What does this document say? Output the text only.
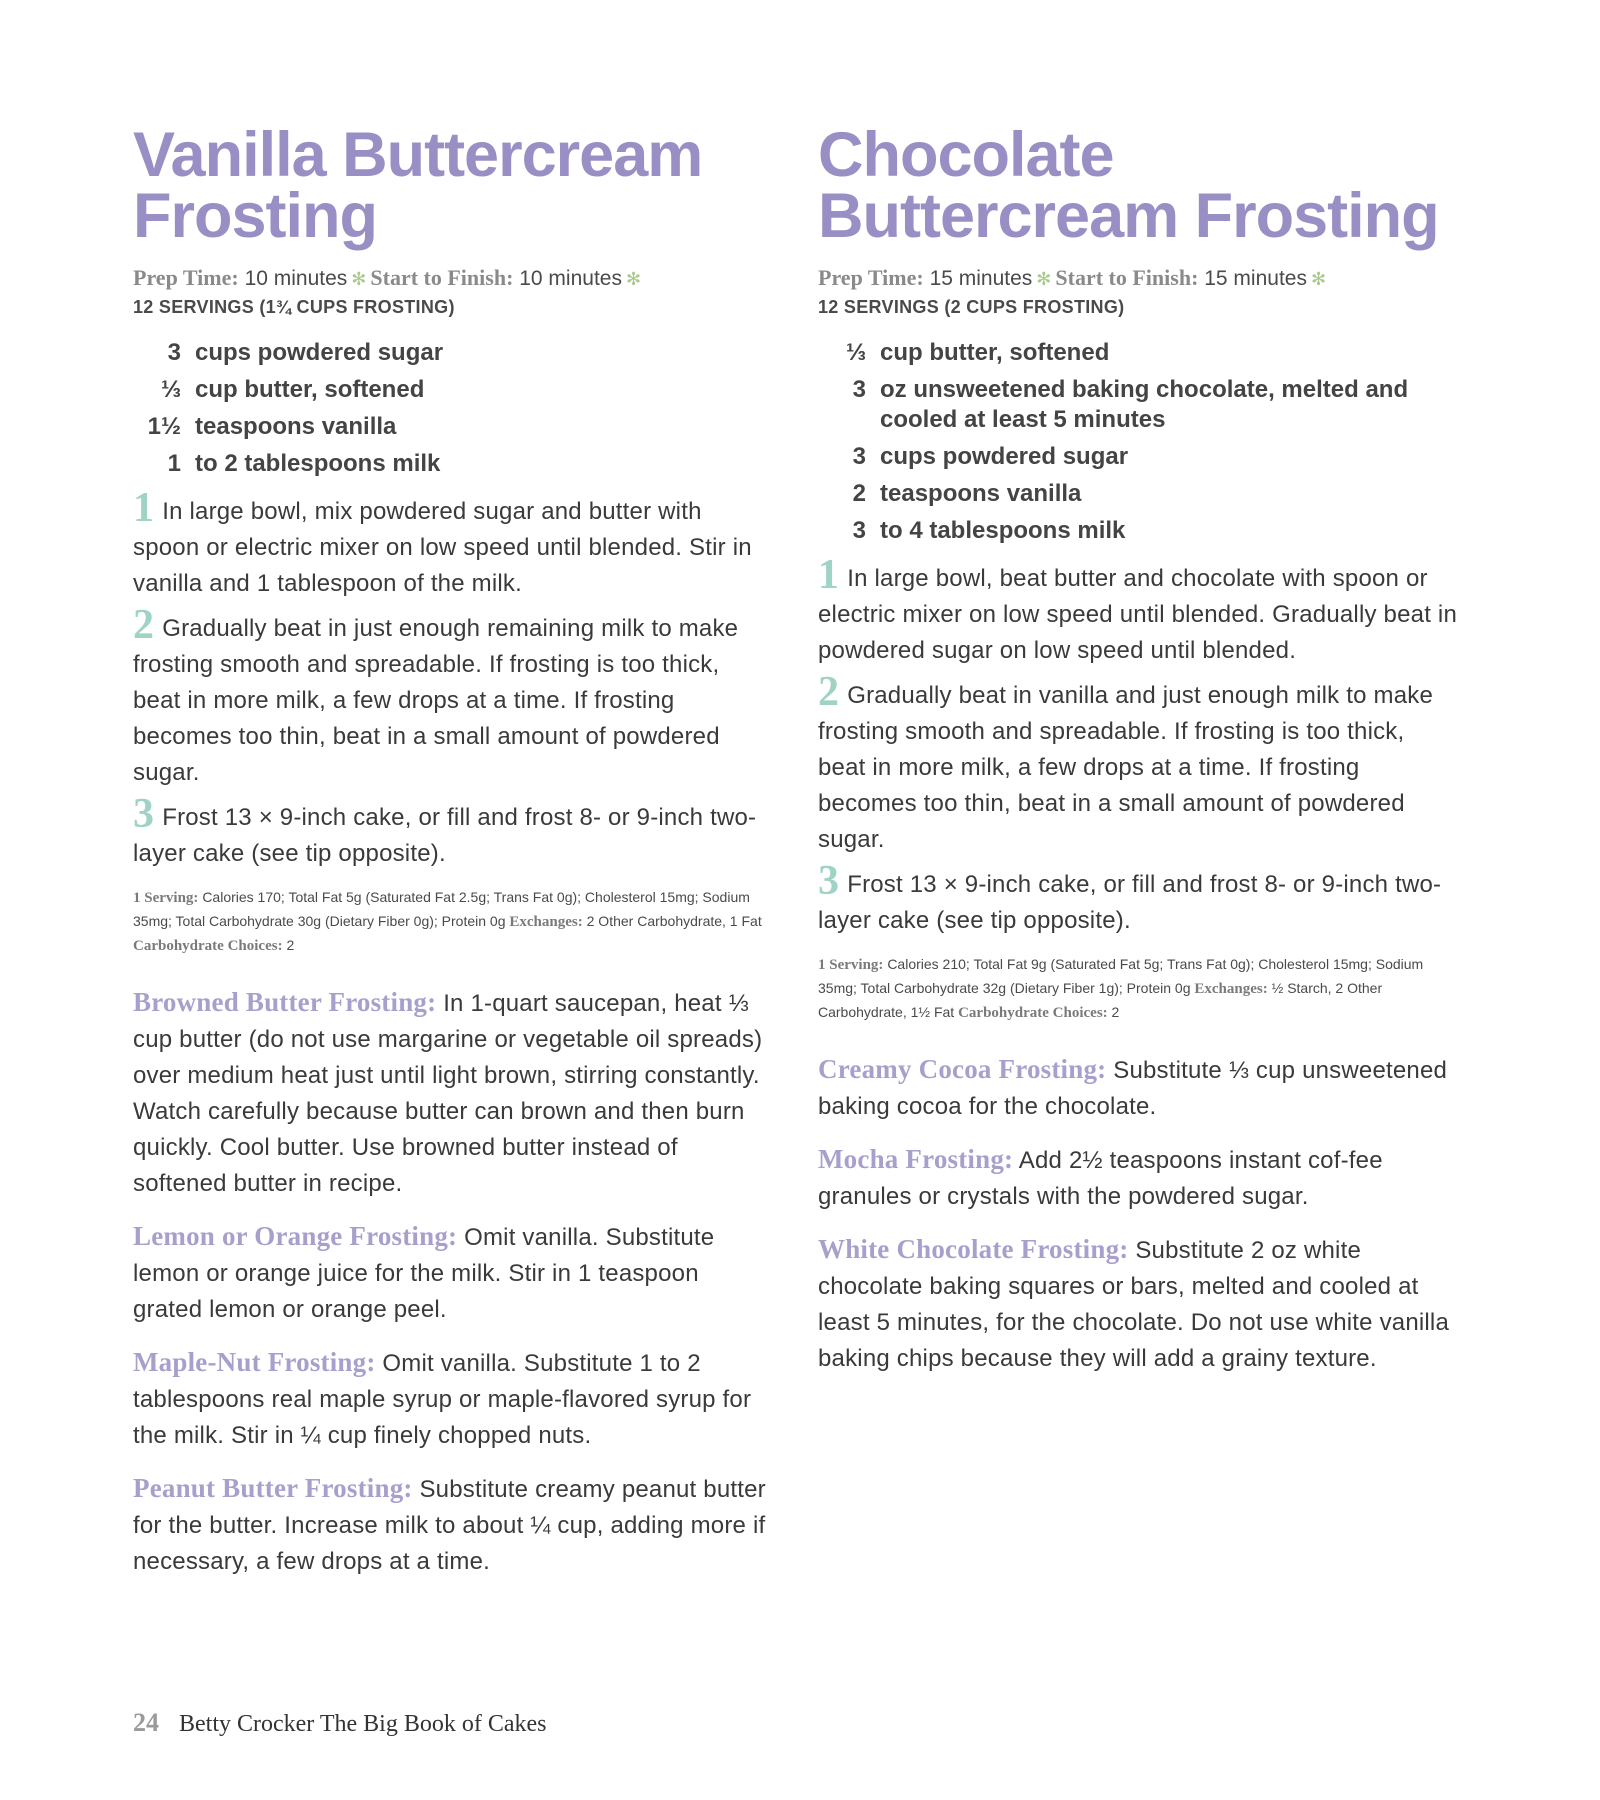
Vanilla Buttercream Frosting
Prep Time: 10 minutes ✻ Start to Finish: 10 minutes ✻
12 SERVINGS (1¾ CUPS FROSTING)
3 cups powdered sugar
⅓ cup butter, softened
1½ teaspoons vanilla
1 to 2 tablespoons milk

1 In large bowl, mix powdered sugar and butter with spoon or electric mixer on low speed until blended. Stir in vanilla and 1 tablespoon of the milk.

2 Gradually beat in just enough remaining milk to make frosting smooth and spreadable. If frosting is too thick, beat in more milk, a few drops at a time. If frosting becomes too thin, beat in a small amount of powdered sugar.

3 Frost 13 × 9-inch cake, or fill and frost 8- or 9-inch two-layer cake (see tip opposite).

1 Serving: Calories 170; Total Fat 5g (Saturated Fat 2.5g; Trans Fat 0g); Cholesterol 15mg; Sodium 35mg; Total Carbohydrate 30g (Dietary Fiber 0g); Protein 0g Exchanges: 2 Other Carbohydrate, 1 Fat Carbohydrate Choices: 2

Browned Butter Frosting: In 1-quart saucepan, heat ⅓ cup butter (do not use margarine or vegetable oil spreads) over medium heat just until light brown, stirring constantly. Watch carefully because butter can brown and then burn quickly. Cool butter. Use browned butter instead of softened butter in recipe.

Lemon or Orange Frosting: Omit vanilla. Substitute lemon or orange juice for the milk. Stir in 1 teaspoon grated lemon or orange peel.

Maple-Nut Frosting: Omit vanilla. Substitute 1 to 2 tablespoons real maple syrup or maple-flavored syrup for the milk. Stir in ¼ cup finely chopped nuts.

Peanut Butter Frosting: Substitute creamy peanut butter for the butter. Increase milk to about ¼ cup, adding more if necessary, a few drops at a time.

Chocolate Buttercream Frosting
Prep Time: 15 minutes ✻ Start to Finish: 15 minutes ✻
12 SERVINGS (2 CUPS FROSTING)
⅓ cup butter, softened
3 oz unsweetened baking chocolate, melted and cooled at least 5 minutes
3 cups powdered sugar
2 teaspoons vanilla
3 to 4 tablespoons milk

1 In large bowl, beat butter and chocolate with spoon or electric mixer on low speed until blended. Gradually beat in powdered sugar on low speed until blended.

2 Gradually beat in vanilla and just enough milk to make frosting smooth and spreadable. If frosting is too thick, beat in more milk, a few drops at a time. If frosting becomes too thin, beat in a small amount of powdered sugar.

3 Frost 13 × 9-inch cake, or fill and frost 8- or 9-inch two-layer cake (see tip opposite).

1 Serving: Calories 210; Total Fat 9g (Saturated Fat 5g; Trans Fat 0g); Cholesterol 15mg; Sodium 35mg; Total Carbohydrate 32g (Dietary Fiber 1g); Protein 0g Exchanges: ½ Starch, 2 Other Carbohydrate, 1½ Fat Carbohydrate Choices: 2

Creamy Cocoa Frosting: Substitute ⅓ cup unsweetened baking cocoa for the chocolate.

Mocha Frosting: Add 2½ teaspoons instant cof-fee granules or crystals with the powdered sugar.

White Chocolate Frosting: Substitute 2 oz white chocolate baking squares or bars, melted and cooled at least 5 minutes, for the chocolate. Do not use white vanilla baking chips because they will add a grainy texture.

24 Betty Crocker The Big Book of Cakes
